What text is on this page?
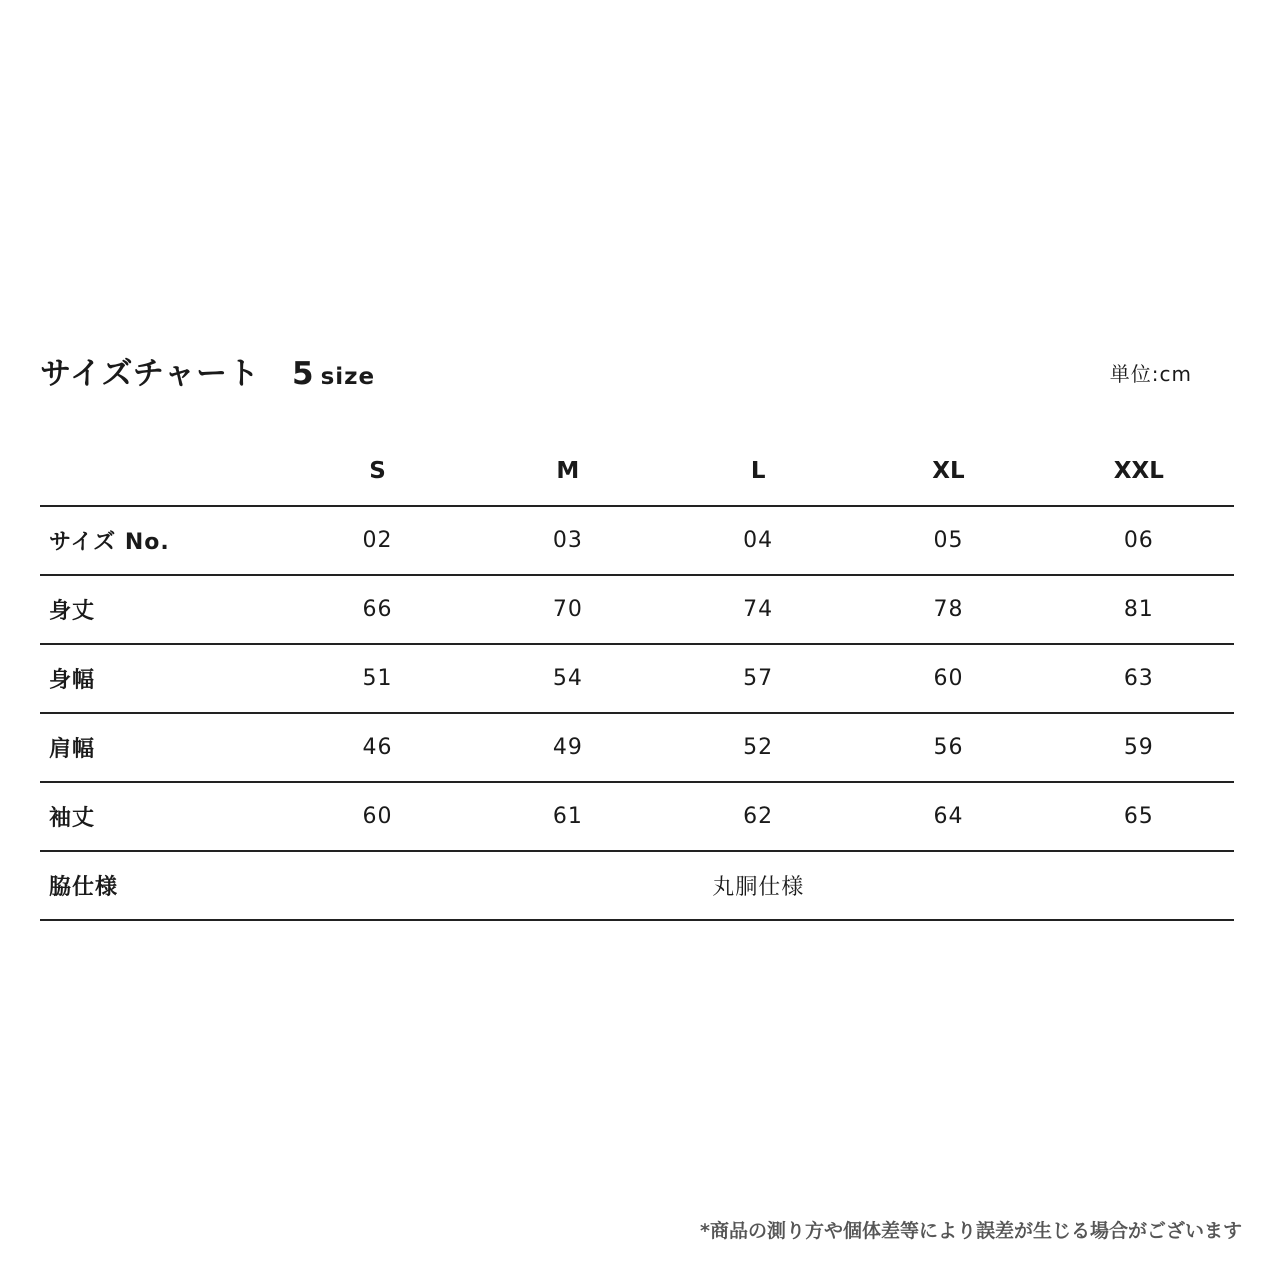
サイズチャート 5 size	単位:cm
	S	M	L	XL	XXL
サイズ No.	02	03	04	05	06
身丈	66	70	74	78	81
身幅	51	54	57	60	63
肩幅	46	49	52	56	59
袖丈	60	61	62	64	65
脇仕様	丸胴仕様				
*商品の測り方や個体差等により誤差が生じる場合がございます
